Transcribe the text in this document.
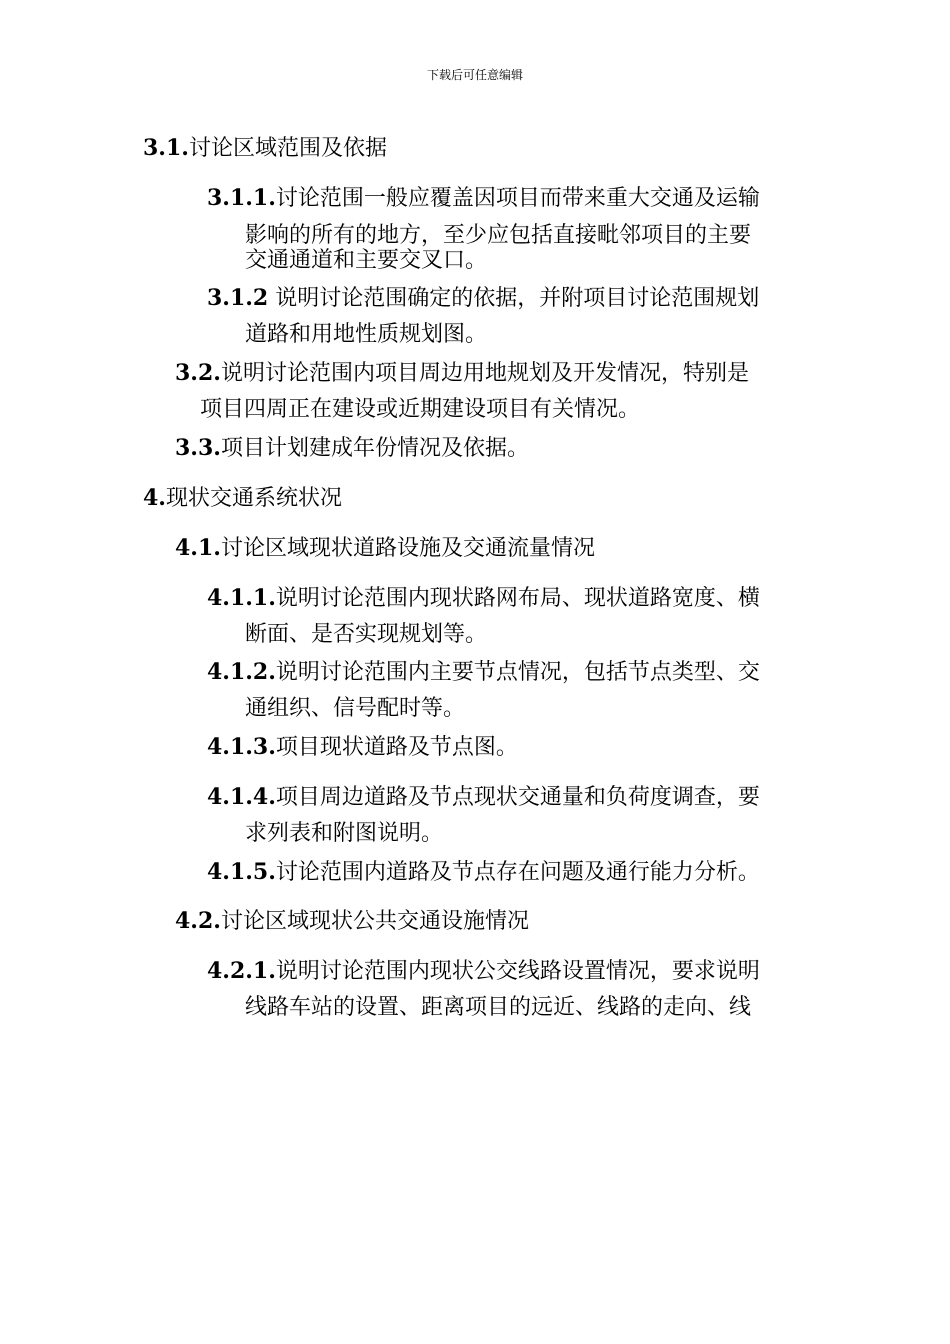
下载后可任意编辑
3.1.讨论区域范围及依据
3.1.1.讨论范围一般应覆盖因项目而带来重大交通及运输
影响的所有的地方，至少应包括直接毗邻项目的主要
交通通道和主要交叉口。
3.1.2 说明讨论范围确定的依据，并附项目讨论范围规划
道路和用地性质规划图。
3.2.说明讨论范围内项目周边用地规划及开发情况，特别是
项目四周正在建设或近期建设项目有关情况。
3.3.项目计划建成年份情况及依据。
4.现状交通系统状况
4.1.讨论区域现状道路设施及交通流量情况
4.1.1.说明讨论范围内现状路网布局、现状道路宽度、横
断面、是否实现规划等。
4.1.2.说明讨论范围内主要节点情况，包括节点类型、交
通组织、信号配时等。
4.1.3.项目现状道路及节点图。
4.1.4.项目周边道路及节点现状交通量和负荷度调查，要
求列表和附图说明。
4.1.5.讨论范围内道路及节点存在问题及通行能力分析。
4.2.讨论区域现状公共交通设施情况
4.2.1.说明讨论范围内现状公交线路设置情况，要求说明
线路车站的设置、距离项目的远近、线路的走向、线
